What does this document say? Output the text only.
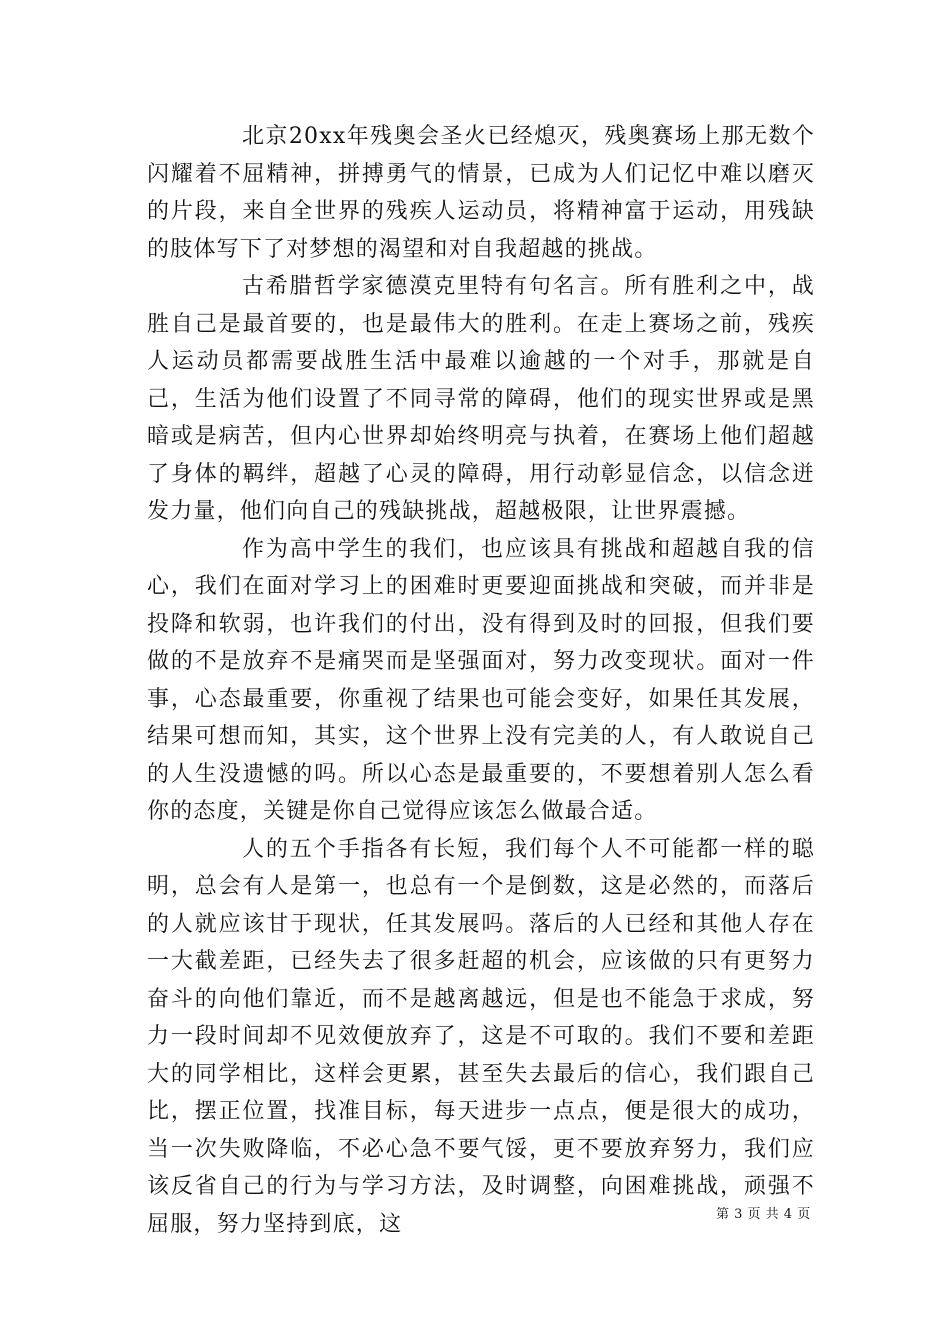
北京20xx年残奥会圣火已经熄灭，残奥赛场上那无数个闪耀着不屈精神，拼搏勇气的情景，已成为人们记忆中难以磨灭的片段，来自全世界的残疾人运动员，将精神富于运动，用残缺的肢体写下了对梦想的渴望和对自我超越的挑战。

古希腊哲学家德漠克里特有句名言。所有胜利之中，战胜自己是最首要的，也是最伟大的胜利。在走上赛场之前，残疾人运动员都需要战胜生活中最难以逾越的一个对手，那就是自己，生活为他们设置了不同寻常的障碍，他们的现实世界或是黑暗或是病苦，但内心世界却始终明亮与执着，在赛场上他们超越了身体的羁绊，超越了心灵的障碍，用行动彰显信念，以信念迸发力量，他们向自己的残缺挑战，超越极限，让世界震撼。

作为高中学生的我们，也应该具有挑战和超越自我的信心，我们在面对学习上的困难时更要迎面挑战和突破，而并非是投降和软弱，也许我们的付出，没有得到及时的回报，但我们要做的不是放弃不是痛哭而是坚强面对，努力改变现状。面对一件事，心态最重要，你重视了结果也可能会变好，如果任其发展，结果可想而知，其实，这个世界上没有完美的人，有人敢说自己的人生没遗憾的吗。所以心态是最重要的，不要想着别人怎么看你的态度，关键是你自己觉得应该怎么做最合适。

人的五个手指各有长短，我们每个人不可能都一样的聪明，总会有人是第一，也总有一个是倒数，这是必然的，而落后的人就应该甘于现状，任其发展吗。落后的人已经和其他人存在一大截差距，已经失去了很多赶超的机会，应该做的只有更努力奋斗的向他们靠近，而不是越离越远，但是也不能急于求成，努力一段时间却不见效便放弃了，这是不可取的。我们不要和差距大的同学相比，这样会更累，甚至失去最后的信心，我们跟自己比，摆正位置，找准目标，每天进步一点点，便是很大的成功，当一次失败降临，不必心急不要气馁，更不要放弃努力，我们应该反省自己的行为与学习方法，及时调整，向困难挑战，顽强不屈服，努力坚持到底，这	第 3 页 共 4 页
